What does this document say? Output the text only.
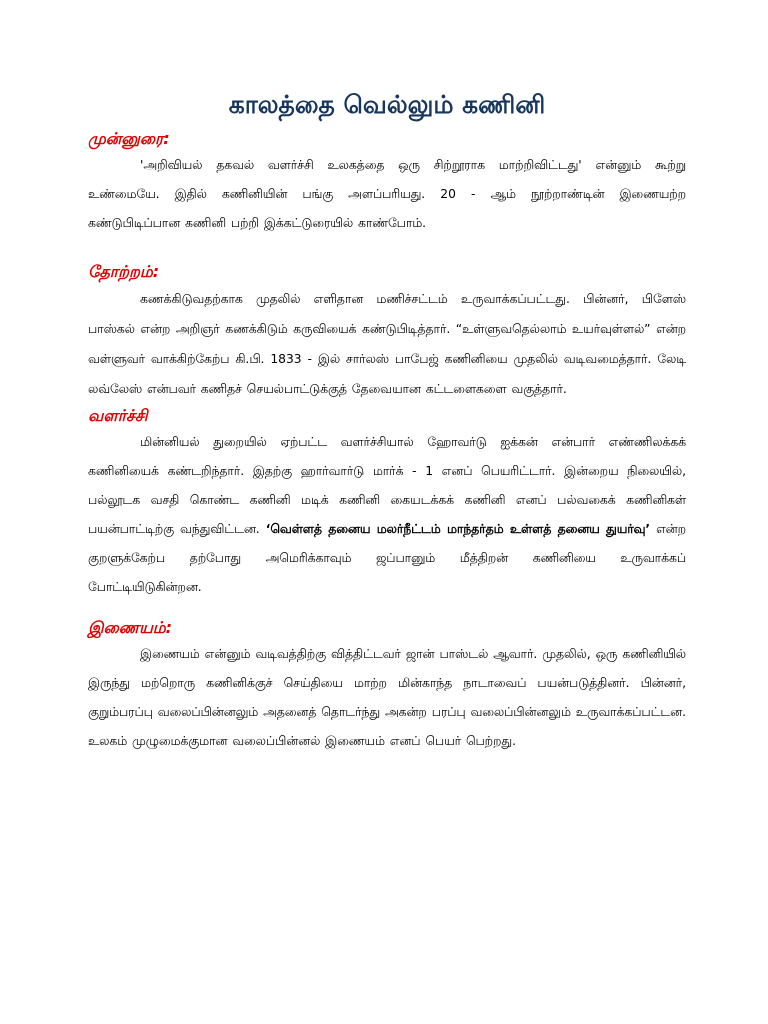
காலத்தை வெல்லும் கணினி
முன்னுரை:

'அறிவியல் தகவல் வளர்ச்சி உலகத்தை ஒரு சிற்றூராக மாற்றிவிட்டது' என்னும் கூற்று உண்மையே. இதில் கணினியின் பங்கு அளப்பரியது. 20 - ஆம் நூற்றாண்டின் இணையற்ற கண்டுபிடிப்பான கணினி பற்றி இக்கட்டுரையில் காண்போம்.

தோற்றம்:

கணக்கிடுவதற்காக முதலில் எளிதான மணிச்சட்டம் உருவாக்கப்பட்டது. பின்னர், பிளேஸ் பாஸ்கல் என்ற அறிஞர் கணக்கிடும் கருவியைக் கண்டுபிடித்தார். “உள்ளுவதெல்லாம் உயர்வுள்ளல்” என்ற வள்ளுவர் வாக்கிற்கேற்ப கி.பி. 1833 - இல் சார்லஸ் பாபேஜ் கணினியை முதலில் வடிவமைத்தார். லேடி லவ்லேஸ் என்பவர் கணிதச் செயல்பாட்டுக்குத் தேவையான கட்டளைகளை வகுத்தார்.

வளர்ச்சி

மின்னியல் துறையில் ஏற்பட்ட வளர்ச்சியால் ஹோவர்டு ஐக்கன் என்பார் எண்ணிலக்கக் கணினியைக் கண்டறிந்தார். இதற்கு ஹார்வார்டு மார்க் - 1 எனப் பெயரிட்டார். இன்றைய நிலையில், பல்லூடக வசதி கொண்ட கணினி மடிக் கணினி கையடக்கக் கணினி எனப் பல்வகைக் கணினிகள் பயன்பாட்டிற்கு வந்துவிட்டன. ‘வெள்ளத் தனைய மலர்நீட்டம் மாந்தர்தம் உள்ளத் தனைய துயர்வு’ என்ற குறளுக்கேற்ப தற்போது அமெரிக்காவும் ஜப்பானும் மீத்திறன் கணினியை உருவாக்கப் போட்டியிடுகின்றன.

இணையம்:

இணையம் என்னும் வடிவத்திற்கு வித்திட்டவர் ஜான் பாஸ்டல் ஆவார். முதலில், ஒரு கணினியில் இருந்து மற்றொரு கணினிக்குச் செய்தியை மாற்ற மின்காந்த நாடாவைப் பயன்படுத்தினர். பின்னர், குறும்பரப்பு வலைப்பின்னலும் அதனைத் தொடர்ந்து அகன்ற பரப்பு வலைப்பின்னலும் உருவாக்கப்பட்டன. உலகம் முழுமைக்குமான வலைப்பின்னல் இணையம் எனப் பெயர் பெற்றது.
